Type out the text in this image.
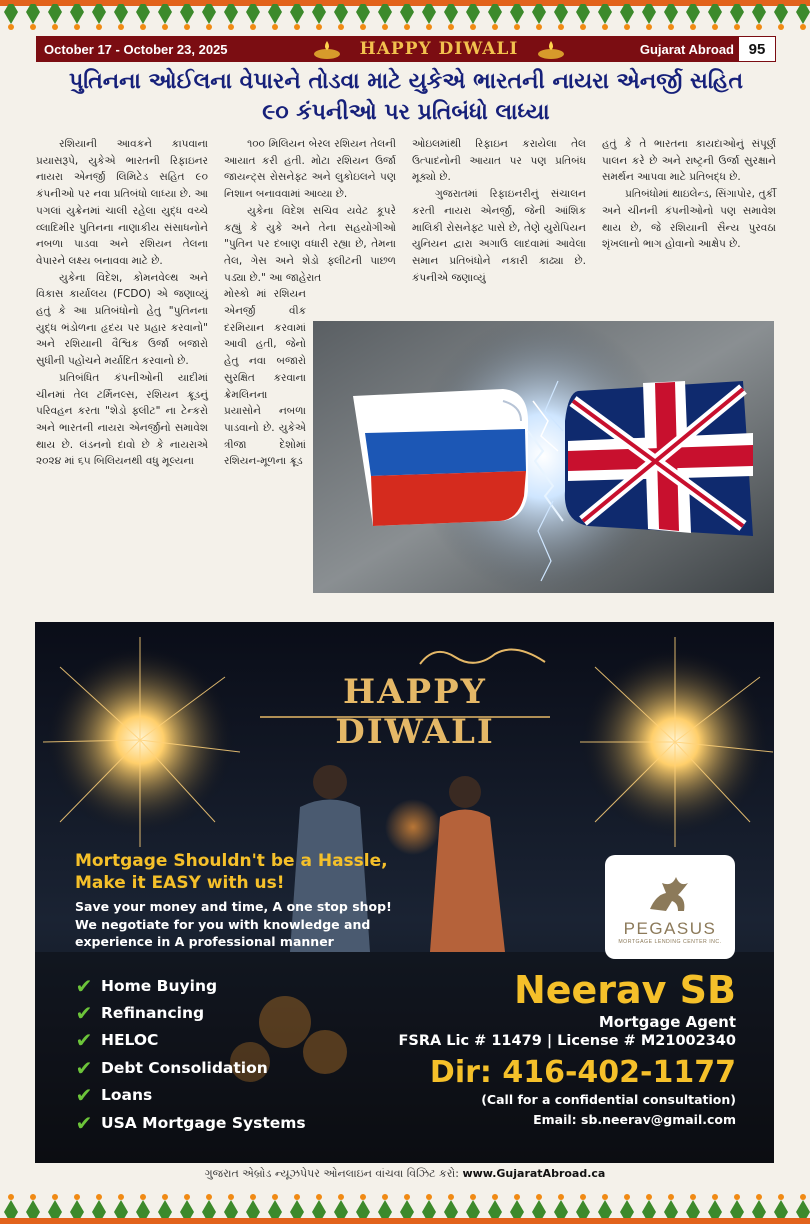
October 17 - October 23, 2025	HAPPY DIWALI	Gujarat Abroad 95
પુતિનના ઓઈલના વેપારને તોડવા માટે યુકેએ ભારતની નાયરા એનર્જી સહિત
૯૦ કંપનીઓ પર પ્રતિબંધો લાધ્યા

રશિયાની આવકને કાપવાના પ્રયાસરૂપે, યુકેએ ભારતની રિફાઇનર નાયરા એનર્જી લિમિટેડ સહિત ૯૦ કંપનીઓ પર નવા પ્રતિબંધો લાધ્યા છે. આ પગલાં યુક્રેનમાં ચાલી રહેલા યુદ્ધ વચ્ચે વ્લાદિમીર પુતિનના નાણાકીય સંસાધનોને નબળા પાડવા અને રશિયન તેલના વેપારને લક્ષ્ય બનાવવા માટે છે.

યુકેના વિદેશ, કોમનવેલ્થ અને વિકાસ કાર્યાલય (FCDO) એ જણાવ્યું હતું કે આ પ્રતિબંધોનો હેતુ "પુતિનના યુદ્ધ ભંડોળના હૃદય પર પ્રહાર કરવાનો" અને રશિયાની વૈશ્વિક ઉર્જા બજારો સુધીની પહોંચને મર્યાદિત કરવાનો છે.

પ્રતિબંધિત કંપનીઓની યાદીમાં ચીનમાં તેલ ટર્મિનલ્સ, રશિયન ક્રૂડનું પરિવહન કરતા "શેડો ફ્લીટ" ના ટેન્કરો અને ભારતની નાયરા એનર્જીનો સમાવેશ થાય છે. લંડનનો દાવો છે કે નાયરાએ ૨૦૨૪ માં ૬૫ બિલિયનથી વધુ મૂલ્યના

૧૦૦ મિલિયન બેરલ રશિયન તેલની આયાત કરી હતી. મોટા રશિયન ઉર્જા જાયન્ટ્સ રોસનેફ્ટ અને લુકોઇલને પણ નિશાન બનાવવામાં આવ્યા છે.

યુકેના વિદેશ સચિવ યવેટ કૂપરે કહ્યું કે યુકે અને તેના સહયોગીઓ "પુતિન પર દબાણ વધારી રહ્યા છે, તેમના તેલ, ગેસ અને શેડો ફ્લીટની પાછળ પડ્યા છે." આ જાહેરાત

મોસ્કો માં રશિયન એનર્જી વીક દરમિયાન કરવામાં આવી હતી, જેનો હેતુ નવા બજારો સુરક્ષિત કરવાના ક્રેમલિનના પ્રયાસોને નબળા પાડવાનો છે. યુકેએ ત્રીજા દેશોમાં રશિયન-મૂળના ક્રૂડ

ઓઇલમાંથી રિફાઇન કરાયેલા તેલ ઉત્પાદનોની આયાત પર પણ પ્રતિબંધ મૂક્યો છે.

ગુજરાતમાં રિફાઇનરીનું સંચાલન કરતી નાયરા એનર્જી, જેની આંશિક માલિકી રોસનેફ્ટ પાસે છે, તેણે યુરોપિયન યુનિયન દ્વારા અગાઉ લાદવામાં આવેલા સમાન પ્રતિબંધોને નકારી કાઢ્યા છે. કંપનીએ જણાવ્યું

હતું કે તે ભારતના કાયદાઓનું સંપૂર્ણ પાલન કરે છે અને રાષ્ટ્રની ઉર્જા સુરક્ષાને સમર્થન આપવા માટે પ્રતિબદ્ધ છે.

પ્રતિબંધોમાં થાઇલેન્ડ, સિંગાપોર, તુર્કી અને ચીનની કંપનીઓનો પણ સમાવેશ થાય છે, જે રશિયાની સૈન્ય પુરવઠા શૃંખલાનો ભાગ હોવાનો આક્ષેપ છે.

HAPPY DIWALI
Mortgage Shouldn't be a Hassle,
Make it EASY with us!
Save your money and time, A one stop shop!
We negotiate for you with knowledge and
experience in A professional manner
✔ Home Buying
✔ Refinancing
✔ HELOC
✔ Debt Consolidation
✔ Loans
✔ USA Mortgage Systems
PEGASUS
MORTGAGE LENDING CENTER INC.
Neerav SB
Mortgage Agent
FSRA Lic # 11479 | License # M21002340
Dir: 416-402-1177
(Call for a confidential consultation)
Email: sb.neerav@gmail.com
ગુજરાત એબ્રોડ ન્યૂઝપેપર ઓનલાઇન વાંચવા વિઝિટ કરો: www.GujaratAbroad.ca
